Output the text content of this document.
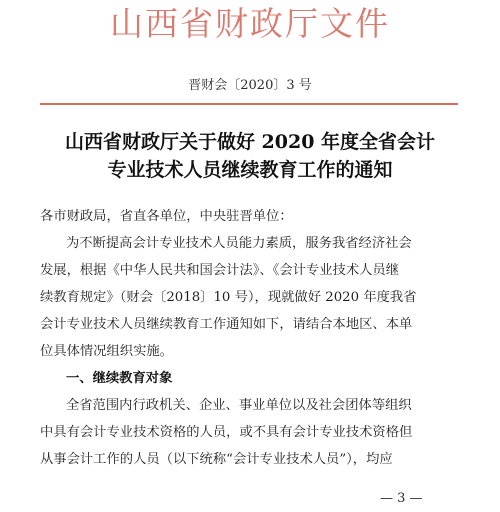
山西省财政厅文件
晋财会〔2020〕3 号
山西省财政厅关于做好 2020 年度全省会计
专业技术人员继续教育工作的通知
各市财政局，省直各单位，中央驻晋单位：
为不断提高会计专业技术人员能力素质，服务我省经济社会
发展，根据《中华人民共和国会计法》、《会计专业技术人员继
续教育规定》（财会〔2018〕10 号），现就做好 2020 年度我省
会计专业技术人员继续教育工作通知如下，请结合本地区、本单
位具体情况组织实施。
一、继续教育对象
全省范围内行政机关、企业、事业单位以及社会团体等组织
中具有会计专业技术资格的人员，或不具有会计专业技术资格但
从事会计工作的人员（以下统称“会计专业技术人员”），均应
— 3 —
